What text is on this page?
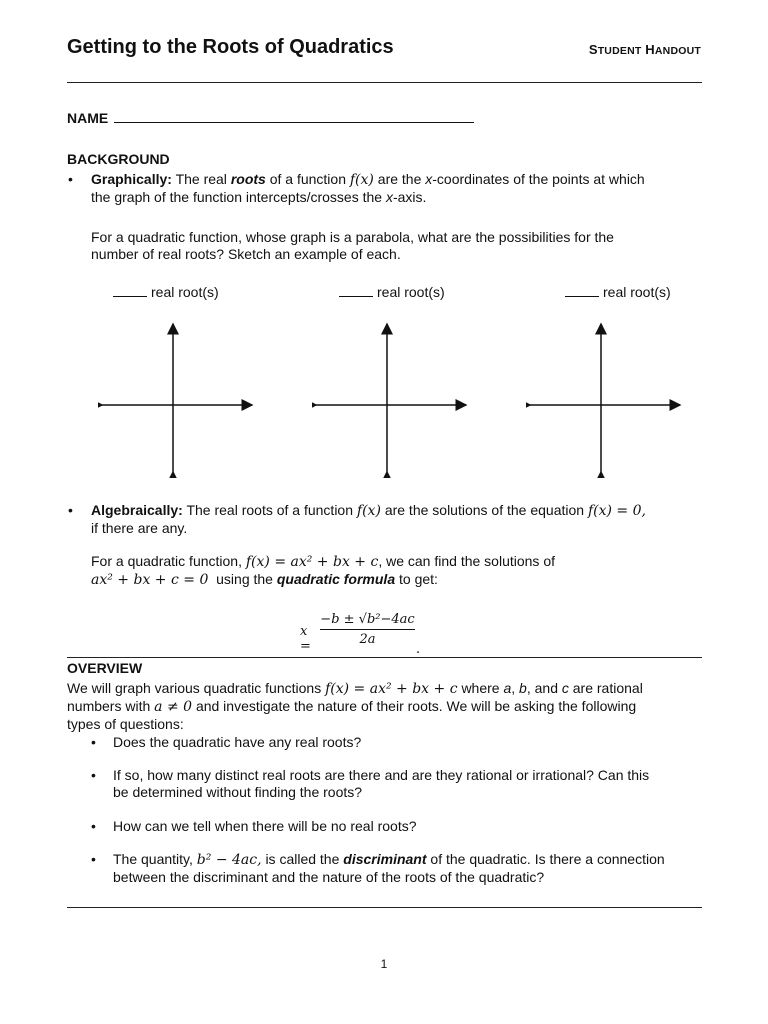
Getting to the Roots of Quadratics	STUDENT HANDOUT
NAME
BACKGROUND
• Graphically: The real roots of a function f(x) are the x-coordinates of the points at which
the graph of the function intercepts/crosses the x-axis.
For a quadratic function, whose graph is a parabola, what are the possibilities for the
number of real roots? Sketch an example of each.
real root(s)	real root(s)	real root(s)
• Algebraically: The real roots of a function f(x) are the solutions of the equation f(x) = 0,
if there are any.
For a quadratic function, f(x) = ax² + bx + c, we can find the solutions of
ax² + bx + c = 0 using the quadratic formula to get:
$x = \frac{\text{−b ± √b²−4ac}}{2a}$
.
OVERVIEW
We will graph various quadratic functions f(x) = ax² + bx + c where a, b, and c are rational
numbers with a ≠ 0 and investigate the nature of their roots. We will be asking the following
types of questions:
• Does the quadratic have any real roots?
• If so, how many distinct real roots are there and are they rational or irrational? Can this
be determined without finding the roots?
• How can we tell when there will be no real roots?
• The quantity, b² − 4ac, is called the discriminant of the quadratic. Is there a connection
between the discriminant and the nature of the roots of the quadratic?
1
